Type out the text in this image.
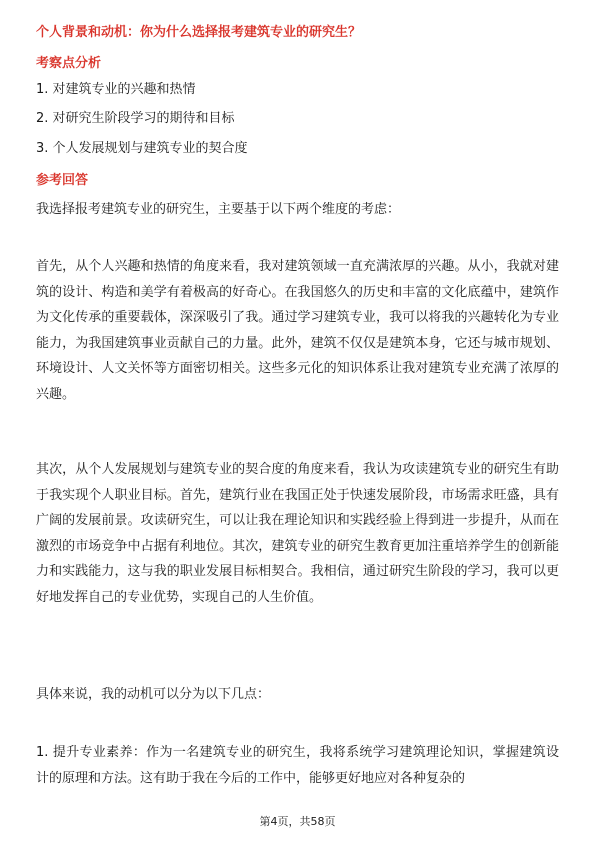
个人背景和动机：你为什么选择报考建筑专业的研究生？
考察点分析
1. 对建筑专业的兴趣和热情
2. 对研究生阶段学习的期待和目标
3. 个人发展规划与建筑专业的契合度
参考回答
我选择报考建筑专业的研究生，主要基于以下两个维度的考虑：
首先，从个人兴趣和热情的角度来看，我对建筑领域一直充满浓厚的兴趣。从小，我就对建筑的设计、构造和美学有着极高的好奇心。在我国悠久的历史和丰富的文化底蕴中，建筑作为文化传承的重要载体，深深吸引了我。通过学习建筑专业，我可以将我的兴趣转化为专业能力，为我国建筑事业贡献自己的力量。此外，建筑不仅仅是建筑本身，它还与城市规划、环境设计、人文关怀等方面密切相关。这些多元化的知识体系让我对建筑专业充满了浓厚的兴趣。
其次，从个人发展规划与建筑专业的契合度的角度来看，我认为攻读建筑专业的研究生有助于我实现个人职业目标。首先，建筑行业在我国正处于快速发展阶段，市场需求旺盛，具有广阔的发展前景。攻读研究生，可以让我在理论知识和实践经验上得到进一步提升，从而在激烈的市场竞争中占据有利地位。其次，建筑专业的研究生教育更加注重培养学生的创新能力和实践能力，这与我的职业发展目标相契合。我相信，通过研究生阶段的学习，我可以更好地发挥自己的专业优势，实现自己的人生价值。
具体来说，我的动机可以分为以下几点：
1. 提升专业素养：作为一名建筑专业的研究生，我将系统学习建筑理论知识，掌握建筑设计的原理和方法。这有助于我在今后的工作中，能够更好地应对各种复杂的
第4页，共58页
